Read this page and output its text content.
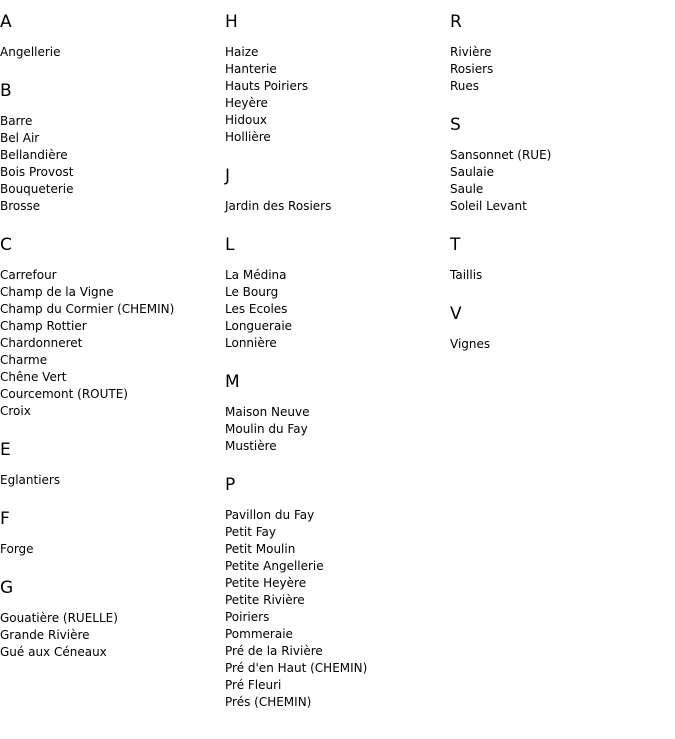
A
Angellerie
B
Barre
Bel Air
Bellandière
Bois Provost
Bouqueterie
Brosse
C
Carrefour
Champ de la Vigne
Champ du Cormier (CHEMIN)
Champ Rottier
Chardonneret
Charme
Chêne Vert
Courcemont (ROUTE)
Croix
E
Eglantiers
F
Forge
G
Gouatière (RUELLE)
Grande Rivière
Gué aux Céneaux
H
Haize
Hanterie
Hauts Poiriers
Heyère
Hidoux
Hollière
J
Jardin des Rosiers
L
La Médina
Le Bourg
Les Ecoles
Longueraie
Lonnière
M
Maison Neuve
Moulin du Fay
Mustière
P
Pavillon du Fay
Petit Fay
Petit Moulin
Petite Angellerie
Petite Heyère
Petite Rivière
Poiriers
Pommeraie
Pré de la Rivière
Pré d'en Haut (CHEMIN)
Pré Fleuri
Prés (CHEMIN)
R
Rivière
Rosiers
Rues
S
Sansonnet (RUE)
Saulaie
Saule
Soleil Levant
T
Taillis
V
Vignes
